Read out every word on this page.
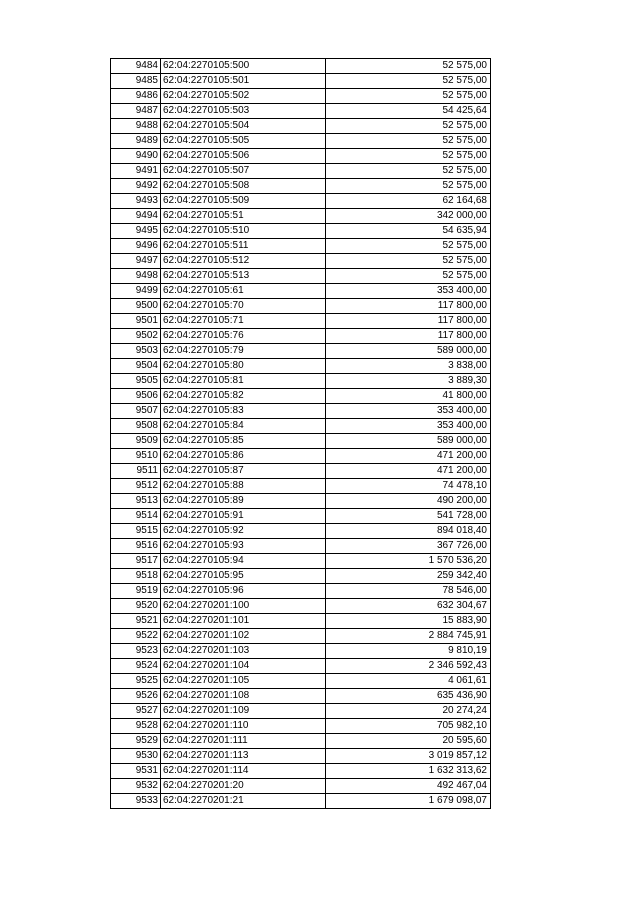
9484	62:04:2270105:500	52 575,00
9485	62:04:2270105:501	52 575,00
9486	62:04:2270105:502	52 575,00
9487	62:04:2270105:503	54 425,64
9488	62:04:2270105:504	52 575,00
9489	62:04:2270105:505	52 575,00
9490	62:04:2270105:506	52 575,00
9491	62:04:2270105:507	52 575,00
9492	62:04:2270105:508	52 575,00
9493	62:04:2270105:509	62 164,68
9494	62:04:2270105:51	342 000,00
9495	62:04:2270105:510	54 635,94
9496	62:04:2270105:511	52 575,00
9497	62:04:2270105:512	52 575,00
9498	62:04:2270105:513	52 575,00
9499	62:04:2270105:61	353 400,00
9500	62:04:2270105:70	117 800,00
9501	62:04:2270105:71	117 800,00
9502	62:04:2270105:76	117 800,00
9503	62:04:2270105:79	589 000,00
9504	62:04:2270105:80	3 838,00
9505	62:04:2270105:81	3 889,30
9506	62:04:2270105:82	41 800,00
9507	62:04:2270105:83	353 400,00
9508	62:04:2270105:84	353 400,00
9509	62:04:2270105:85	589 000,00
9510	62:04:2270105:86	471 200,00
9511	62:04:2270105:87	471 200,00
9512	62:04:2270105:88	74 478,10
9513	62:04:2270105:89	490 200,00
9514	62:04:2270105:91	541 728,00
9515	62:04:2270105:92	894 018,40
9516	62:04:2270105:93	367 726,00
9517	62:04:2270105:94	1 570 536,20
9518	62:04:2270105:95	259 342,40
9519	62:04:2270105:96	78 546,00
9520	62:04:2270201:100	632 304,67
9521	62:04:2270201:101	15 883,90
9522	62:04:2270201:102	2 884 745,91
9523	62:04:2270201:103	9 810,19
9524	62:04:2270201:104	2 346 592,43
9525	62:04:2270201:105	4 061,61
9526	62:04:2270201:108	635 436,90
9527	62:04:2270201:109	20 274,24
9528	62:04:2270201:110	705 982,10
9529	62:04:2270201:111	20 595,60
9530	62:04:2270201:113	3 019 857,12
9531	62:04:2270201:114	1 632 313,62
9532	62:04:2270201:20	492 467,04
9533	62:04:2270201:21	1 679 098,07
